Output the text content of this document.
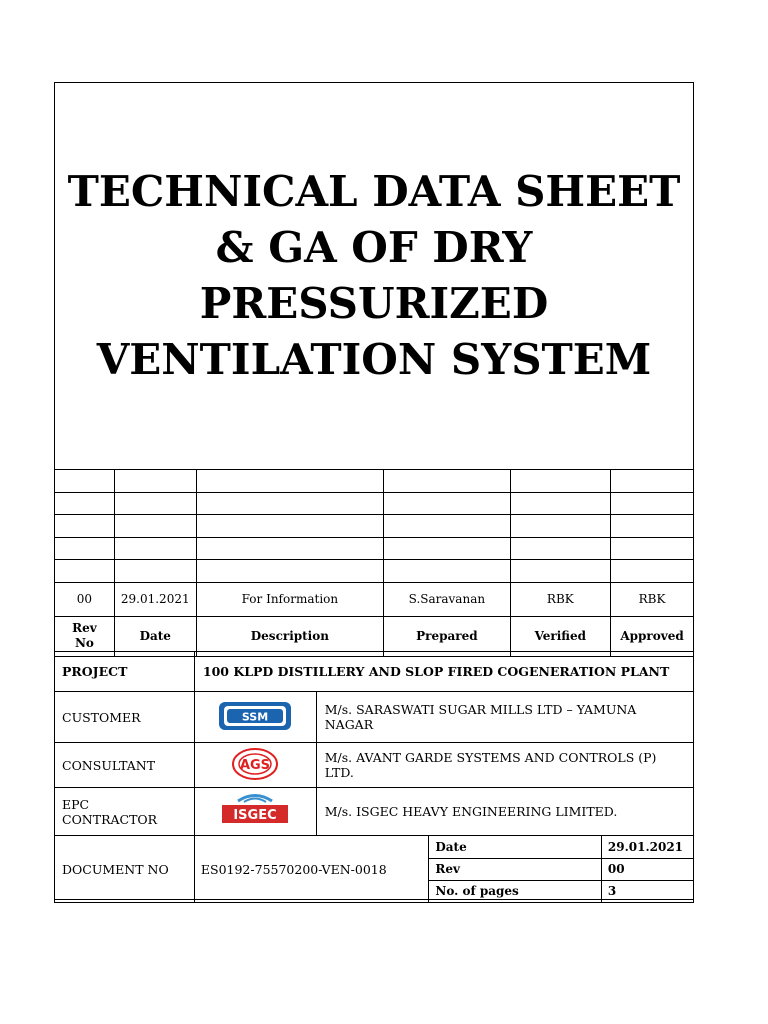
TECHNICAL DATA SHEET
& GA OF DRY
PRESSURIZED
VENTILATION SYSTEM

00	29.01.2021	For Information	S.Saravanan	RBK	RBK
Rev No	Date	Description	Prepared	Verified	Approved
PROJECT	100 KLPD DISTILLERY AND SLOP FIRED COGENERATION PLANT
CUSTOMER	SSM	M/s. SARASWATI SUGAR MILLS LTD – YAMUNA NAGAR
CONSULTANT	AGS	M/s. AVANT GARDE SYSTEMS AND CONTROLS (P) LTD.
EPC CONTRACTOR	ISGEC	M/s. ISGEC HEAVY ENGINEERING LIMITED.
DOCUMENT NO	ES0192-75570200-VEN-0018	
Date	29.01.2021
Rev	00
No. of pages	3
